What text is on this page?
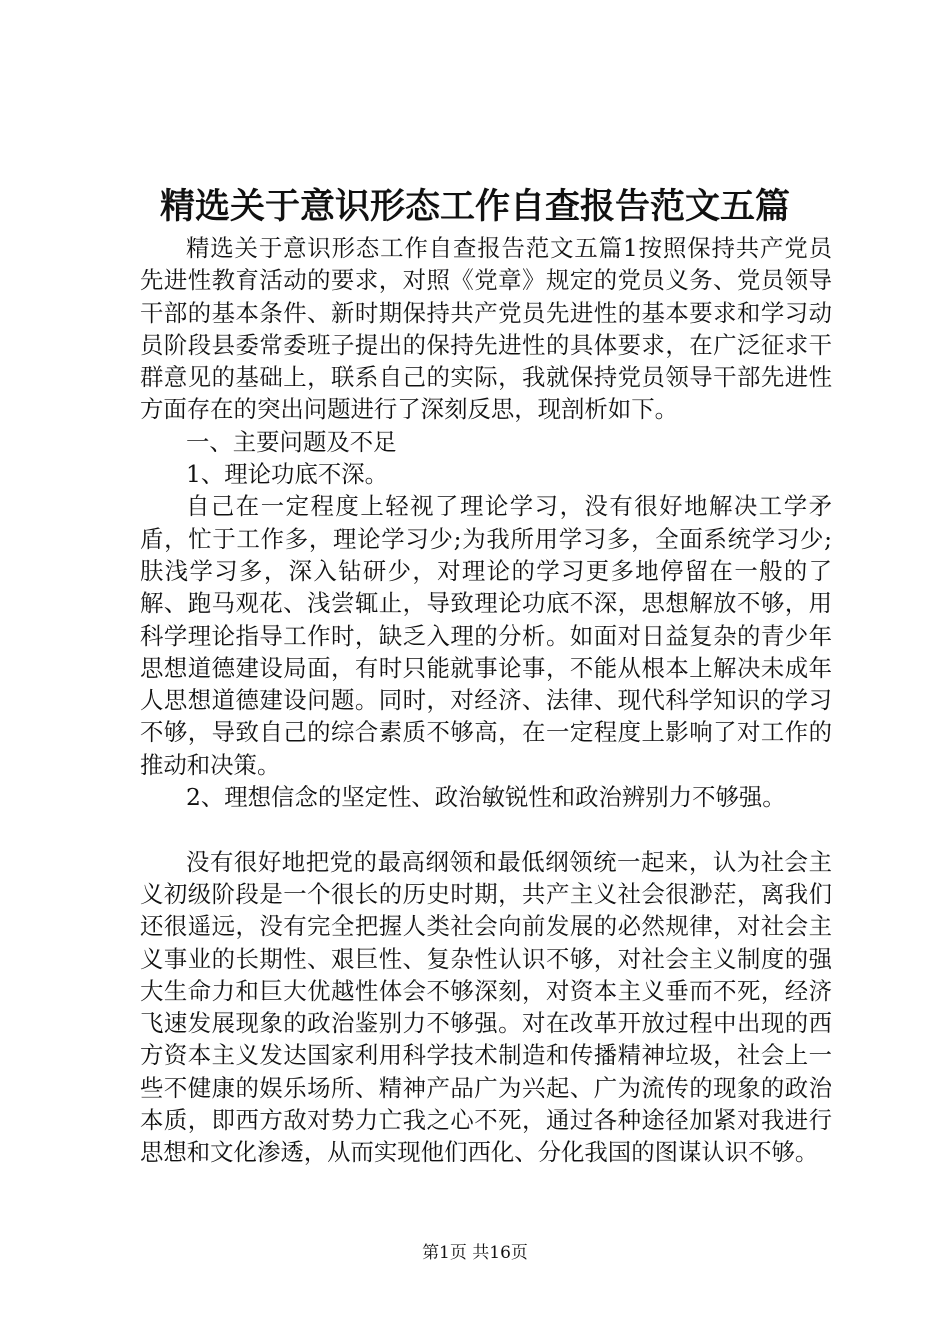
精选关于意识形态工作自查报告范文五篇

精选关于意识形态工作自查报告范文五篇1按照保持共产党员先进性教育活动的要求，对照《党章》规定的党员义务、党员领导干部的基本条件、新时期保持共产党员先进性的基本要求和学习动员阶段县委常委班子提出的保持先进性的具体要求，在广泛征求干群意见的基础上，联系自己的实际，我就保持党员领导干部先进性方面存在的突出问题进行了深刻反思，现剖析如下。

一、主要问题及不足

1、理论功底不深。

自己在一定程度上轻视了理论学习，没有很好地解决工学矛盾，忙于工作多，理论学习少;为我所用学习多，全面系统学习少;肤浅学习多，深入钻研少，对理论的学习更多地停留在一般的了解、跑马观花、浅尝辄止，导致理论功底不深，思想解放不够，用科学理论指导工作时，缺乏入理的分析。如面对日益复杂的青少年思想道德建设局面，有时只能就事论事，不能从根本上解决未成年人思想道德建设问题。同时，对经济、法律、现代科学知识的学习不够，导致自己的综合素质不够高，在一定程度上影响了对工作的推动和决策。

2、理想信念的坚定性、政治敏锐性和政治辨别力不够强。

没有很好地把党的最高纲领和最低纲领统一起来，认为社会主义初级阶段是一个很长的历史时期，共产主义社会很渺茫，离我们还很遥远，没有完全把握人类社会向前发展的必然规律，对社会主义事业的长期性、艰巨性、复杂性认识不够，对社会主义制度的强大生命力和巨大优越性体会不够深刻，对资本主义垂而不死，经济飞速发展现象的政治鉴别力不够强。对在改革开放过程中出现的西方资本主义发达国家利用科学技术制造和传播精神垃圾，社会上一些不健康的娱乐场所、精神产品广为兴起、广为流传的现象的政治本质，即西方敌对势力亡我之心不死，通过各种途径加紧对我进行思想和文化渗透，从而实现他们西化、分化我国的图谋认识不够。

第1页 共16页
